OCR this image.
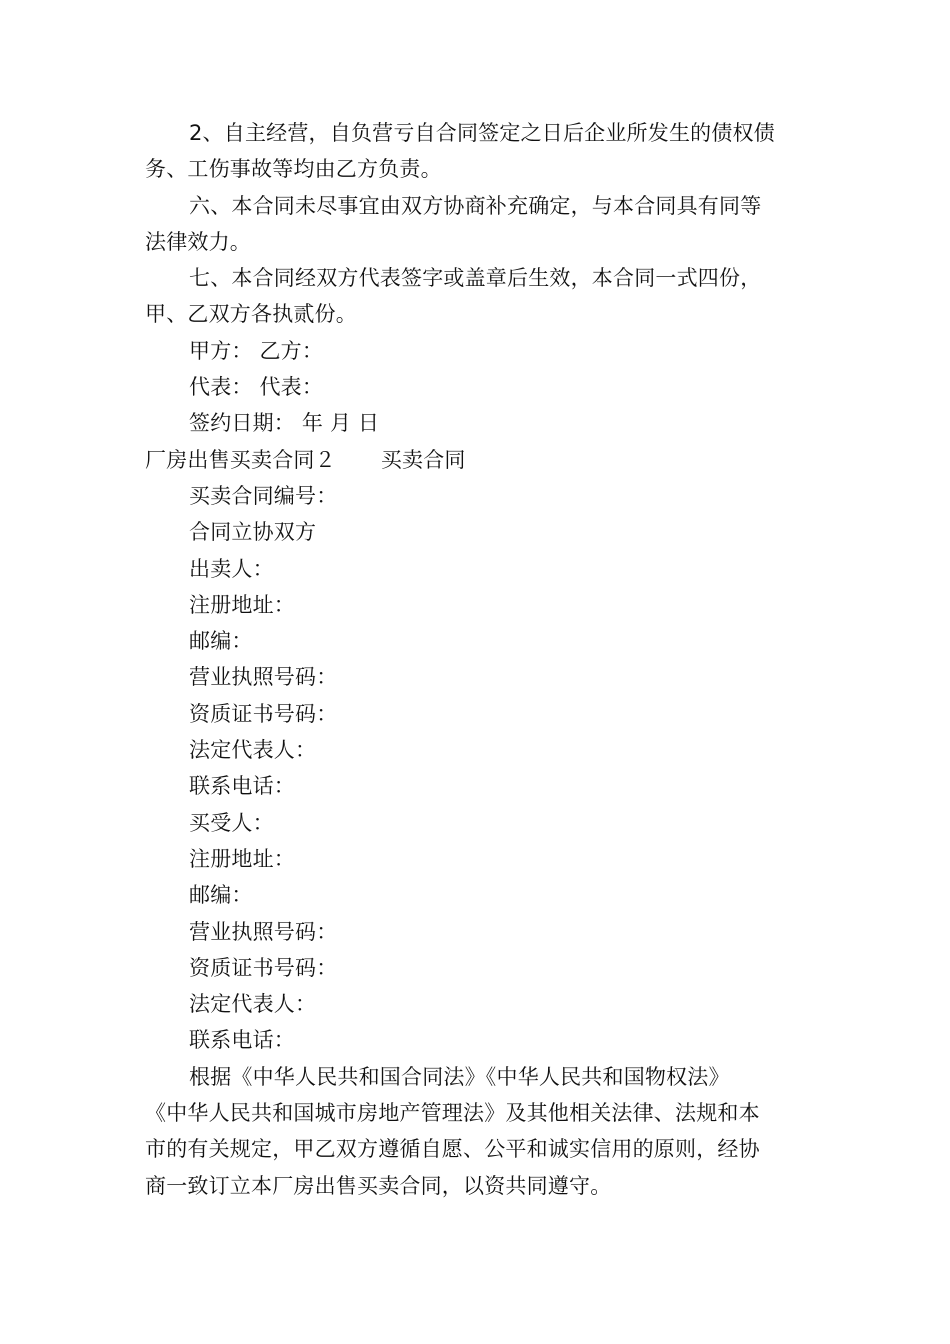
2、自主经营，自负营亏自合同签定之日后企业所发生的债权债
务、工伤事故等均由乙方负责。
六、本合同未尽事宜由双方协商补充确定，与本合同具有同等
法律效力。
七、本合同经双方代表签字或盖章后生效，本合同一式四份，
甲、乙双方各执贰份。
甲方： 乙方：
代表： 代表：
签约日期： 年 月 日
厂房出售买卖合同２ 买卖合同
买卖合同编号：
合同立协双方
出卖人：
注册地址：
邮编：
营业执照号码：
资质证书号码：
法定代表人：
联系电话：
买受人：
注册地址：
邮编：
营业执照号码：
资质证书号码：
法定代表人：
联系电话：
根据《中华人民共和国合同法》《中华人民共和国物权法》
《中华人民共和国城市房地产管理法》及其他相关法律、法规和本
市的有关规定，甲乙双方遵循自愿、公平和诚实信用的原则，经协
商一致订立本厂房出售买卖合同，以资共同遵守。
